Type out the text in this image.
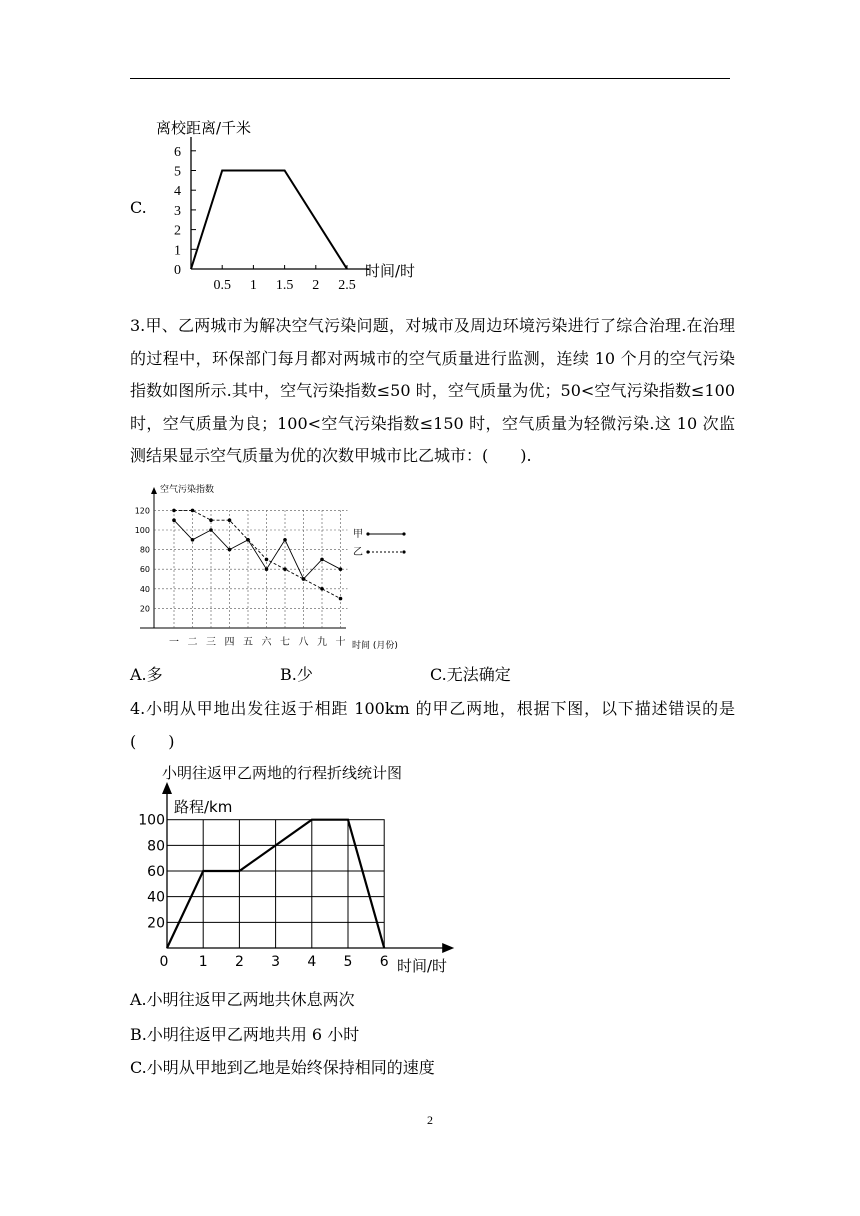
C.
离校距离/千米
0
1
2
3
4
5
6
0.5 1 1.5 2 2.5
时间/时
3.甲、乙两城市为解决空气污染问题，对城市及周边环境污染进行了综合治理.在治理的过程中，环保部门每月都对两城市的空气质量进行监测，连续 10 个月的空气污染指数如图所示.其中，空气污染指数≤50 时，空气质量为优；50<空气污染指数≤100 时，空气质量为良；100<空气污染指数≤150 时，空气质量为轻微污染.这 10 次监测结果显示空气质量为优的次数甲城市比乙城市：(　　).
空气污染指数
20
40
60
80
100
120
一 二 三 四 五 六 七 八 九 十
甲
乙
时间 (月份)
A.多	B.少	C.无法确定
4.小明从甲地出发往返于相距 100km 的甲乙两地，根据下图，以下描述错误的是(　　)
小明往返甲乙两地的行程折线统计图
20
40
60
80
100
0 1 2 3 4 5 6
路程/km
时间/时
A.小明往返甲乙两地共休息两次
B.小明往返甲乙两地共用 6 小时
C.小明从甲地到乙地是始终保持相同的速度
2
